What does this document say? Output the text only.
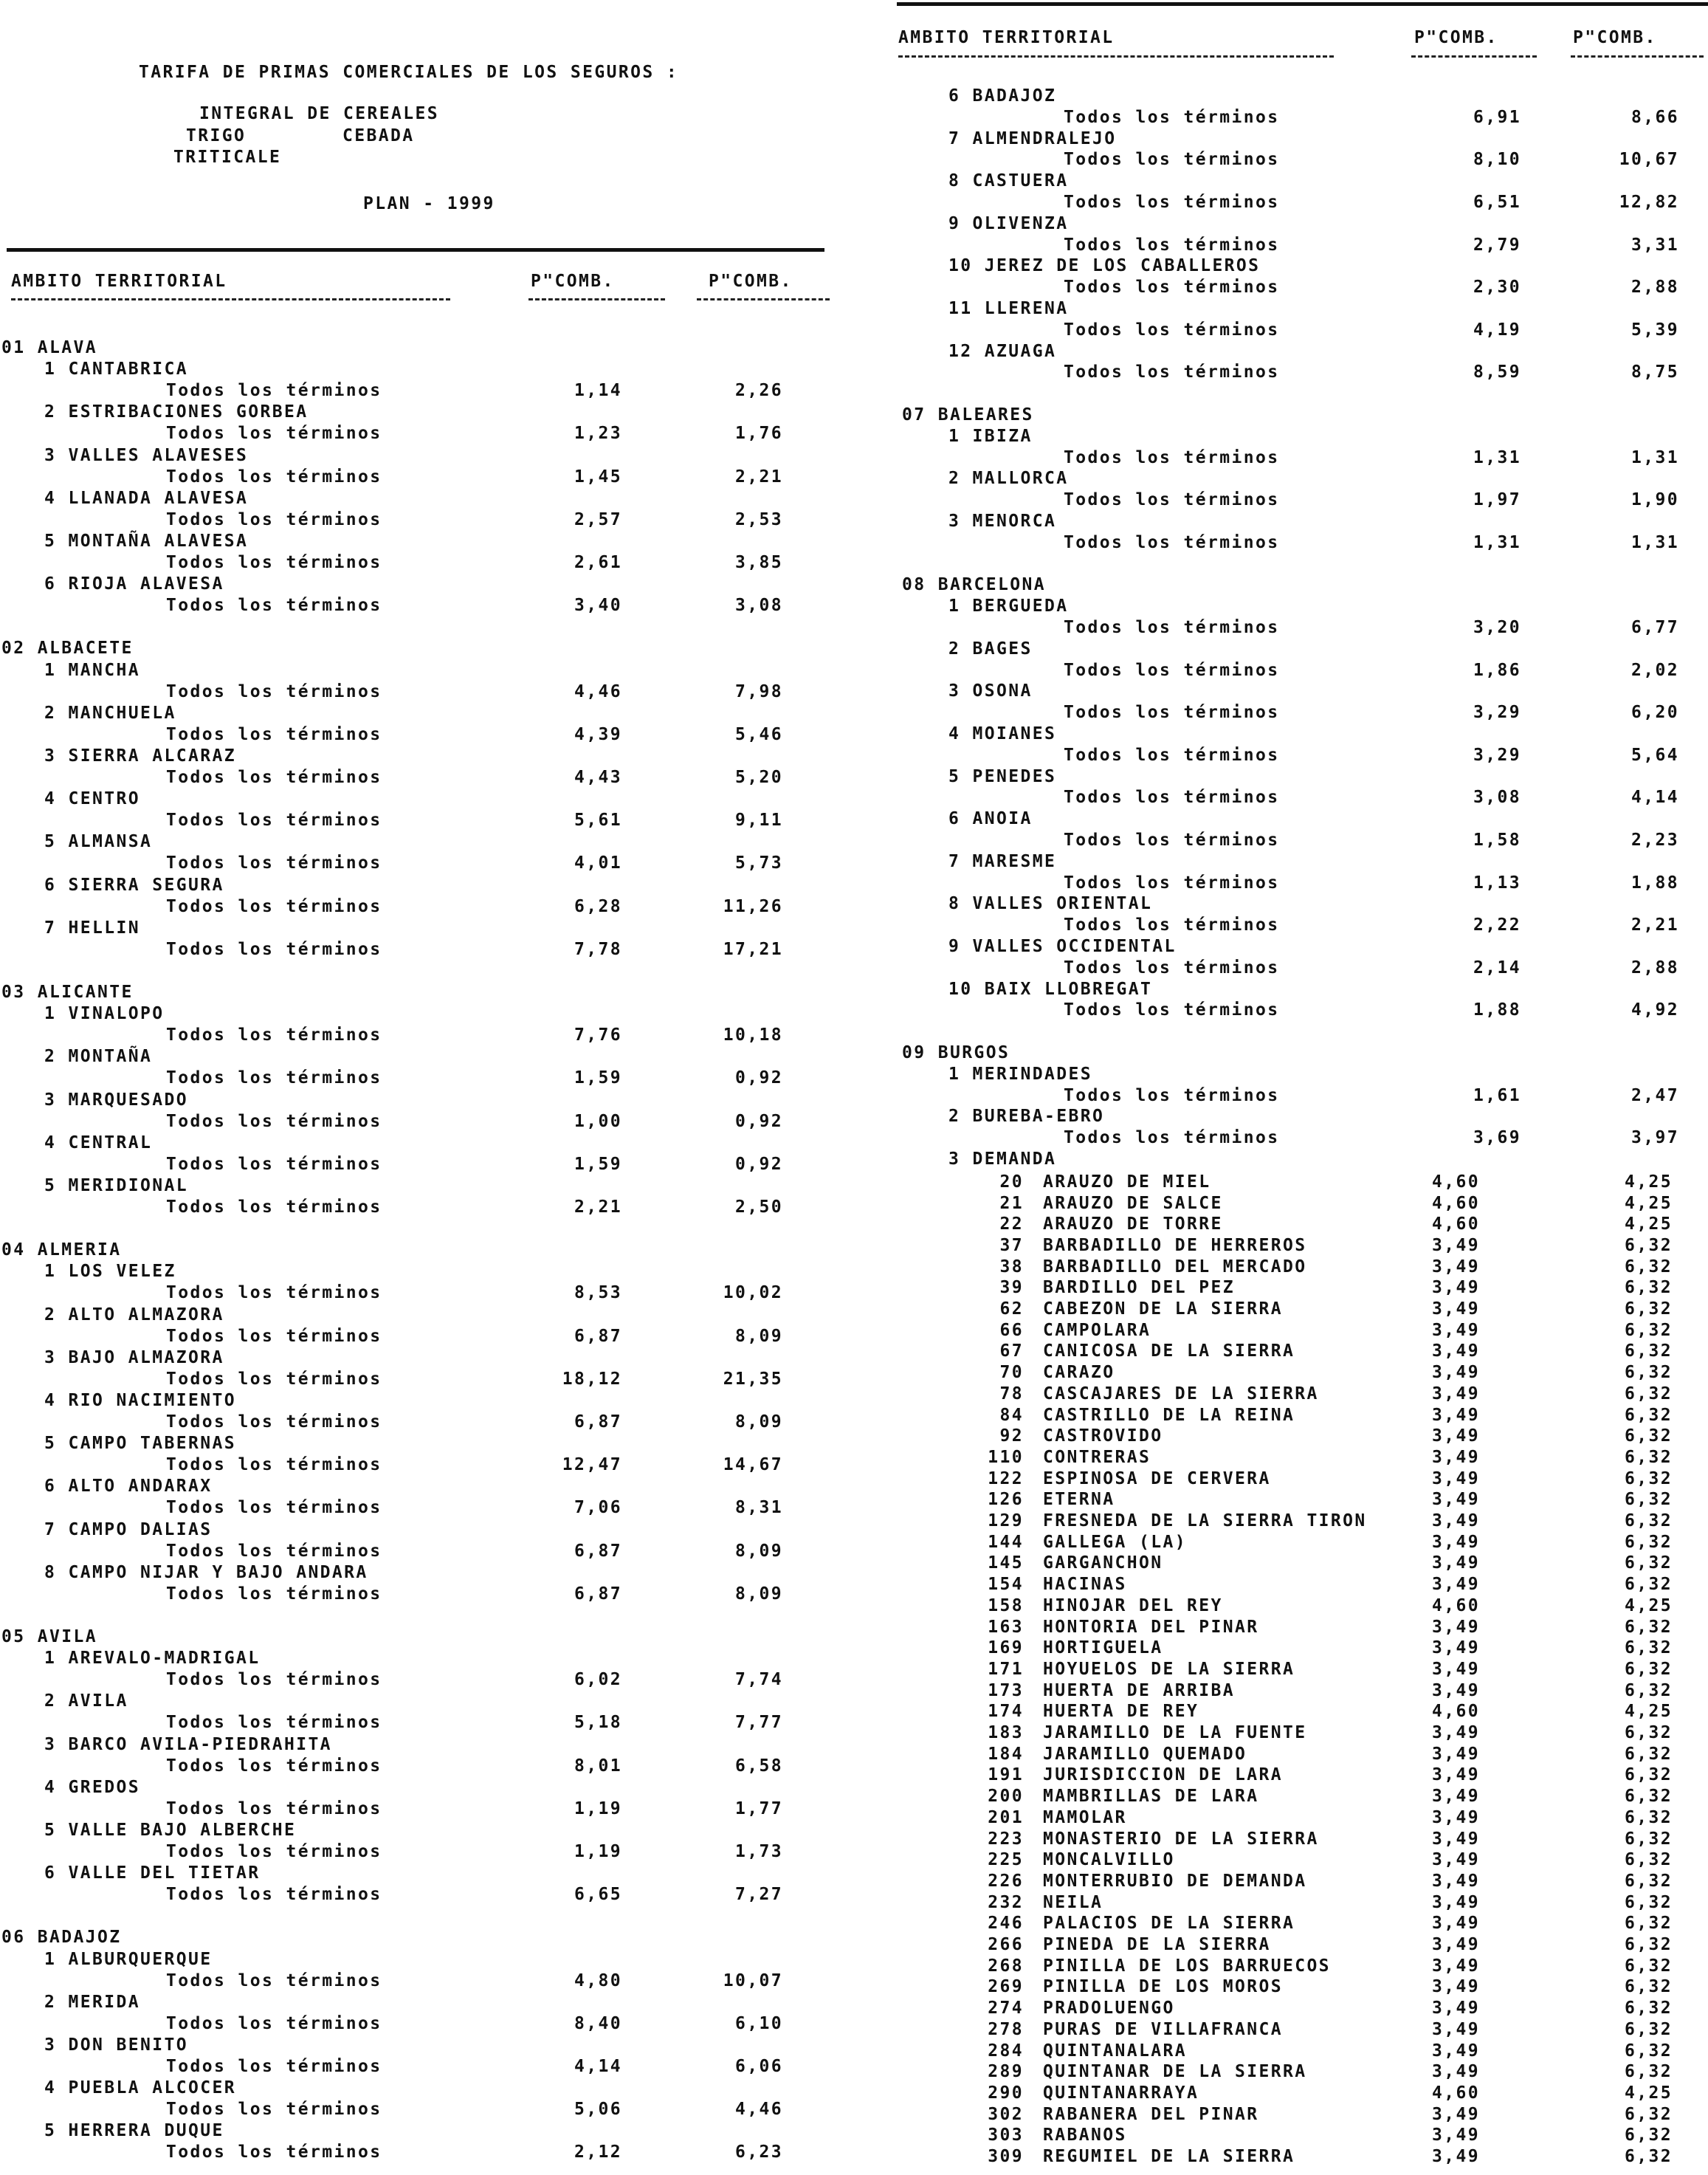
TARIFA DE PRIMAS COMERCIALES DE LOS SEGUROS :
INTEGRAL DE CEREALES
TRIGO	CEBADA
TRITICALE
PLAN - 1999
AMBITO TERRITORIAL	P"COMB.	P"COMB.
AMBITO TERRITORIAL	P"COMB.	P"COMB.
01 ALAVA
1 CANTABRICA
Todos los términos	1,14	2,26
2 ESTRIBACIONES GORBEA
Todos los términos	1,23	1,76
3 VALLES ALAVESES
Todos los términos	1,45	2,21
4 LLANADA ALAVESA
Todos los términos	2,57	2,53
5 MONTAÑA ALAVESA
Todos los términos	2,61	3,85
6 RIOJA ALAVESA
Todos los términos	3,40	3,08
02 ALBACETE
1 MANCHA
Todos los términos	4,46	7,98
2 MANCHUELA
Todos los términos	4,39	5,46
3 SIERRA ALCARAZ
Todos los términos	4,43	5,20
4 CENTRO
Todos los términos	5,61	9,11
5 ALMANSA
Todos los términos	4,01	5,73
6 SIERRA SEGURA
Todos los términos	6,28	11,26
7 HELLIN
Todos los términos	7,78	17,21
03 ALICANTE
1 VINALOPO
Todos los términos	7,76	10,18
2 MONTAÑA
Todos los términos	1,59	0,92
3 MARQUESADO
Todos los términos	1,00	0,92
4 CENTRAL
Todos los términos	1,59	0,92
5 MERIDIONAL
Todos los términos	2,21	2,50
04 ALMERIA
1 LOS VELEZ
Todos los términos	8,53	10,02
2 ALTO ALMAZORA
Todos los términos	6,87	8,09
3 BAJO ALMAZORA
Todos los términos	18,12	21,35
4 RIO NACIMIENTO
Todos los términos	6,87	8,09
5 CAMPO TABERNAS
Todos los términos	12,47	14,67
6 ALTO ANDARAX
Todos los términos	7,06	8,31
7 CAMPO DALIAS
Todos los términos	6,87	8,09
8 CAMPO NIJAR Y BAJO ANDARA
Todos los términos	6,87	8,09
05 AVILA
1 AREVALO-MADRIGAL
Todos los términos	6,02	7,74
2 AVILA
Todos los términos	5,18	7,77
3 BARCO AVILA-PIEDRAHITA
Todos los términos	8,01	6,58
4 GREDOS
Todos los términos	1,19	1,77
5 VALLE BAJO ALBERCHE
Todos los términos	1,19	1,73
6 VALLE DEL TIETAR
Todos los términos	6,65	7,27
06 BADAJOZ
1 ALBURQUERQUE
Todos los términos	4,80	10,07
2 MERIDA
Todos los términos	8,40	6,10
3 DON BENITO
Todos los términos	4,14	6,06
4 PUEBLA ALCOCER
Todos los términos	5,06	4,46
5 HERRERA DUQUE
Todos los términos	2,12	6,23
6 BADAJOZ
Todos los términos	6,91	8,66
7 ALMENDRALEJO
Todos los términos	8,10	10,67
8 CASTUERA
Todos los términos	6,51	12,82
9 OLIVENZA
Todos los términos	2,79	3,31
10 JEREZ DE LOS CABALLEROS
Todos los términos	2,30	2,88
11 LLERENA
Todos los términos	4,19	5,39
12 AZUAGA
Todos los términos	8,59	8,75
07 BALEARES
1 IBIZA
Todos los términos	1,31	1,31
2 MALLORCA
Todos los términos	1,97	1,90
3 MENORCA
Todos los términos	1,31	1,31
08 BARCELONA
1 BERGUEDA
Todos los términos	3,20	6,77
2 BAGES
Todos los términos	1,86	2,02
3 OSONA
Todos los términos	3,29	6,20
4 MOIANES
Todos los términos	3,29	5,64
5 PENEDES
Todos los términos	3,08	4,14
6 ANOIA
Todos los términos	1,58	2,23
7 MARESME
Todos los términos	1,13	1,88
8 VALLES ORIENTAL
Todos los términos	2,22	2,21
9 VALLES OCCIDENTAL
Todos los términos	2,14	2,88
10 BAIX LLOBREGAT
Todos los términos	1,88	4,92
09 BURGOS
1 MERINDADES
Todos los términos	1,61	2,47
2 BUREBA-EBRO
Todos los términos	3,69	3,97
3 DEMANDA
20 ARAUZO DE MIEL	4,60	4,25
21 ARAUZO DE SALCE	4,60	4,25
22 ARAUZO DE TORRE	4,60	4,25
37 BARBADILLO DE HERREROS	3,49	6,32
38 BARBADILLO DEL MERCADO	3,49	6,32
39 BARDILLO DEL PEZ	3,49	6,32
62 CABEZON DE LA SIERRA	3,49	6,32
66 CAMPOLARA	3,49	6,32
67 CANICOSA DE LA SIERRA	3,49	6,32
70 CARAZO	3,49	6,32
78 CASCAJARES DE LA SIERRA	3,49	6,32
84 CASTRILLO DE LA REINA	3,49	6,32
92 CASTROVIDO	3,49	6,32
110 CONTRERAS	3,49	6,32
122 ESPINOSA DE CERVERA	3,49	6,32
126 ETERNA	3,49	6,32
129 FRESNEDA DE LA SIERRA TIRON	3,49	6,32
144 GALLEGA (LA)	3,49	6,32
145 GARGANCHON	3,49	6,32
154 HACINAS	3,49	6,32
158 HINOJAR DEL REY	4,60	4,25
163 HONTORIA DEL PINAR	3,49	6,32
169 HORTIGUELA	3,49	6,32
171 HOYUELOS DE LA SIERRA	3,49	6,32
173 HUERTA DE ARRIBA	3,49	6,32
174 HUERTA DE REY	4,60	4,25
183 JARAMILLO DE LA FUENTE	3,49	6,32
184 JARAMILLO QUEMADO	3,49	6,32
191 JURISDICCION DE LARA	3,49	6,32
200 MAMBRILLAS DE LARA	3,49	6,32
201 MAMOLAR	3,49	6,32
223 MONASTERIO DE LA SIERRA	3,49	6,32
225 MONCALVILLO	3,49	6,32
226 MONTERRUBIO DE DEMANDA	3,49	6,32
232 NEILA	3,49	6,32
246 PALACIOS DE LA SIERRA	3,49	6,32
266 PINEDA DE LA SIERRA	3,49	6,32
268 PINILLA DE LOS BARRUECOS	3,49	6,32
269 PINILLA DE LOS MOROS	3,49	6,32
274 PRADOLUENGO	3,49	6,32
278 PURAS DE VILLAFRANCA	3,49	6,32
284 QUINTANALARA	3,49	6,32
289 QUINTANAR DE LA SIERRA	3,49	6,32
290 QUINTANARRAYA	4,60	4,25
302 RABANERA DEL PINAR	3,49	6,32
303 RABANOS	3,49	6,32
309 REGUMIEL DE LA SIERRA	3,49	6,32
